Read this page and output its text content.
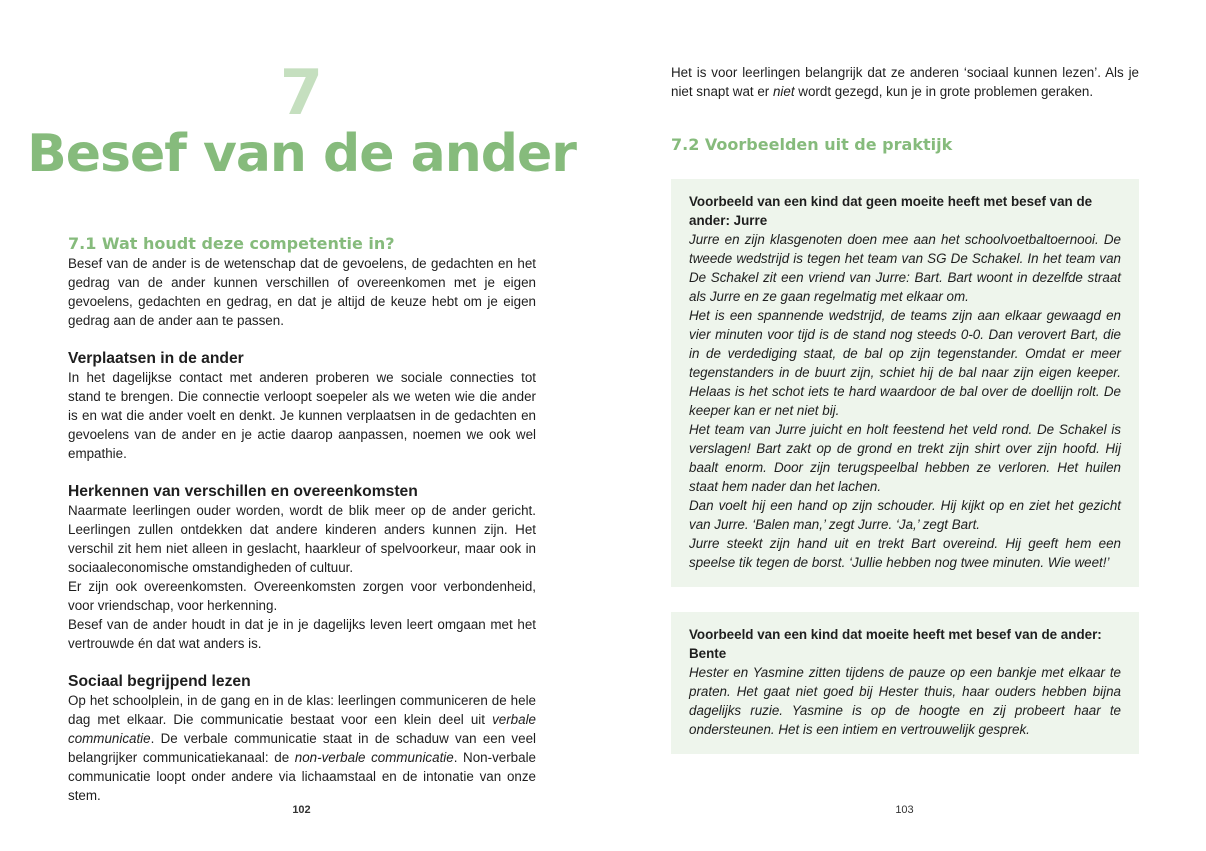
7
Besef van de ander
7.1 Wat houdt deze competentie in?

Besef van de ander is de wetenschap dat de gevoelens, de gedachten en het gedrag van de ander kunnen verschillen of overeenkomen met je eigen gevoelens, gedachten en gedrag, en dat je altijd de keuze hebt om je eigen gedrag aan de ander aan te passen.

Verplaatsen in de ander

In het dagelijkse contact met anderen proberen we sociale connecties tot stand te brengen. Die connectie verloopt soepeler als we weten wie die ander is en wat die ander voelt en denkt. Je kunnen verplaatsen in de gedachten en gevoelens van de ander en je actie daarop aanpassen, noemen we ook wel empathie.

Herkennen van verschillen en overeenkomsten

Naarmate leerlingen ouder worden, wordt de blik meer op de ander gericht. Leerlingen zullen ontdekken dat andere kinderen anders kunnen zijn. Het verschil zit hem niet alleen in geslacht, haarkleur of spelvoorkeur, maar ook in sociaaleconomische omstandigheden of cultuur.

Er zijn ook overeenkomsten. Overeenkomsten zorgen voor verbondenheid, voor vriendschap, voor herkenning.

Besef van de ander houdt in dat je in je dagelijks leven leert omgaan met het vertrouwde én dat wat anders is.

Sociaal begrijpend lezen

Op het schoolplein, in de gang en in de klas: leerlingen communiceren de hele dag met elkaar. Die communicatie bestaat voor een klein deel uit verbale communicatie. De verbale communicatie staat in de schaduw van een veel belangrijker communicatiekanaal: de non-verbale communicatie. Non-verbale communicatie loopt onder andere via lichaamstaal en de intonatie van onze stem.

102

Het is voor leerlingen belangrijk dat ze anderen ‘sociaal kunnen lezen’. Als je niet snapt wat er niet wordt gezegd, kun je in grote problemen geraken.

7.2 Voorbeelden uit de praktijk

Voorbeeld van een kind dat geen moeite heeft met besef van de ander: Jurre

Jurre en zijn klasgenoten doen mee aan het schoolvoetbaltoernooi. De tweede wedstrijd is tegen het team van SG De Schakel. In het team van De Schakel zit een vriend van Jurre: Bart. Bart woont in dezelfde straat als Jurre en ze gaan regelmatig met elkaar om.

Het is een spannende wedstrijd, de teams zijn aan elkaar gewaagd en vier minuten voor tijd is de stand nog steeds 0-0. Dan verovert Bart, die in de verdediging staat, de bal op zijn tegenstander. Omdat er meer tegenstanders in de buurt zijn, schiet hij de bal naar zijn eigen keeper. Helaas is het schot iets te hard waardoor de bal over de doellijn rolt. De keeper kan er net niet bij.

Het team van Jurre juicht en holt feestend het veld rond. De Schakel is verslagen! Bart zakt op de grond en trekt zijn shirt over zijn hoofd. Hij baalt enorm. Door zijn terugspeelbal hebben ze verloren. Het huilen staat hem nader dan het lachen.

Dan voelt hij een hand op zijn schouder. Hij kijkt op en ziet het gezicht van Jurre. ‘Balen man,’ zegt Jurre. ‘Ja,’ zegt Bart.

Jurre steekt zijn hand uit en trekt Bart overeind. Hij geeft hem een speelse tik tegen de borst. ‘Jullie hebben nog twee minuten. Wie weet!’

Voorbeeld van een kind dat moeite heeft met besef van de ander: Bente

Hester en Yasmine zitten tijdens de pauze op een bankje met elkaar te praten. Het gaat niet goed bij Hester thuis, haar ouders hebben bijna dagelijks ruzie. Yasmine is op de hoogte en zij probeert haar te ondersteunen. Het is een intiem en vertrouwelijk gesprek.

103
